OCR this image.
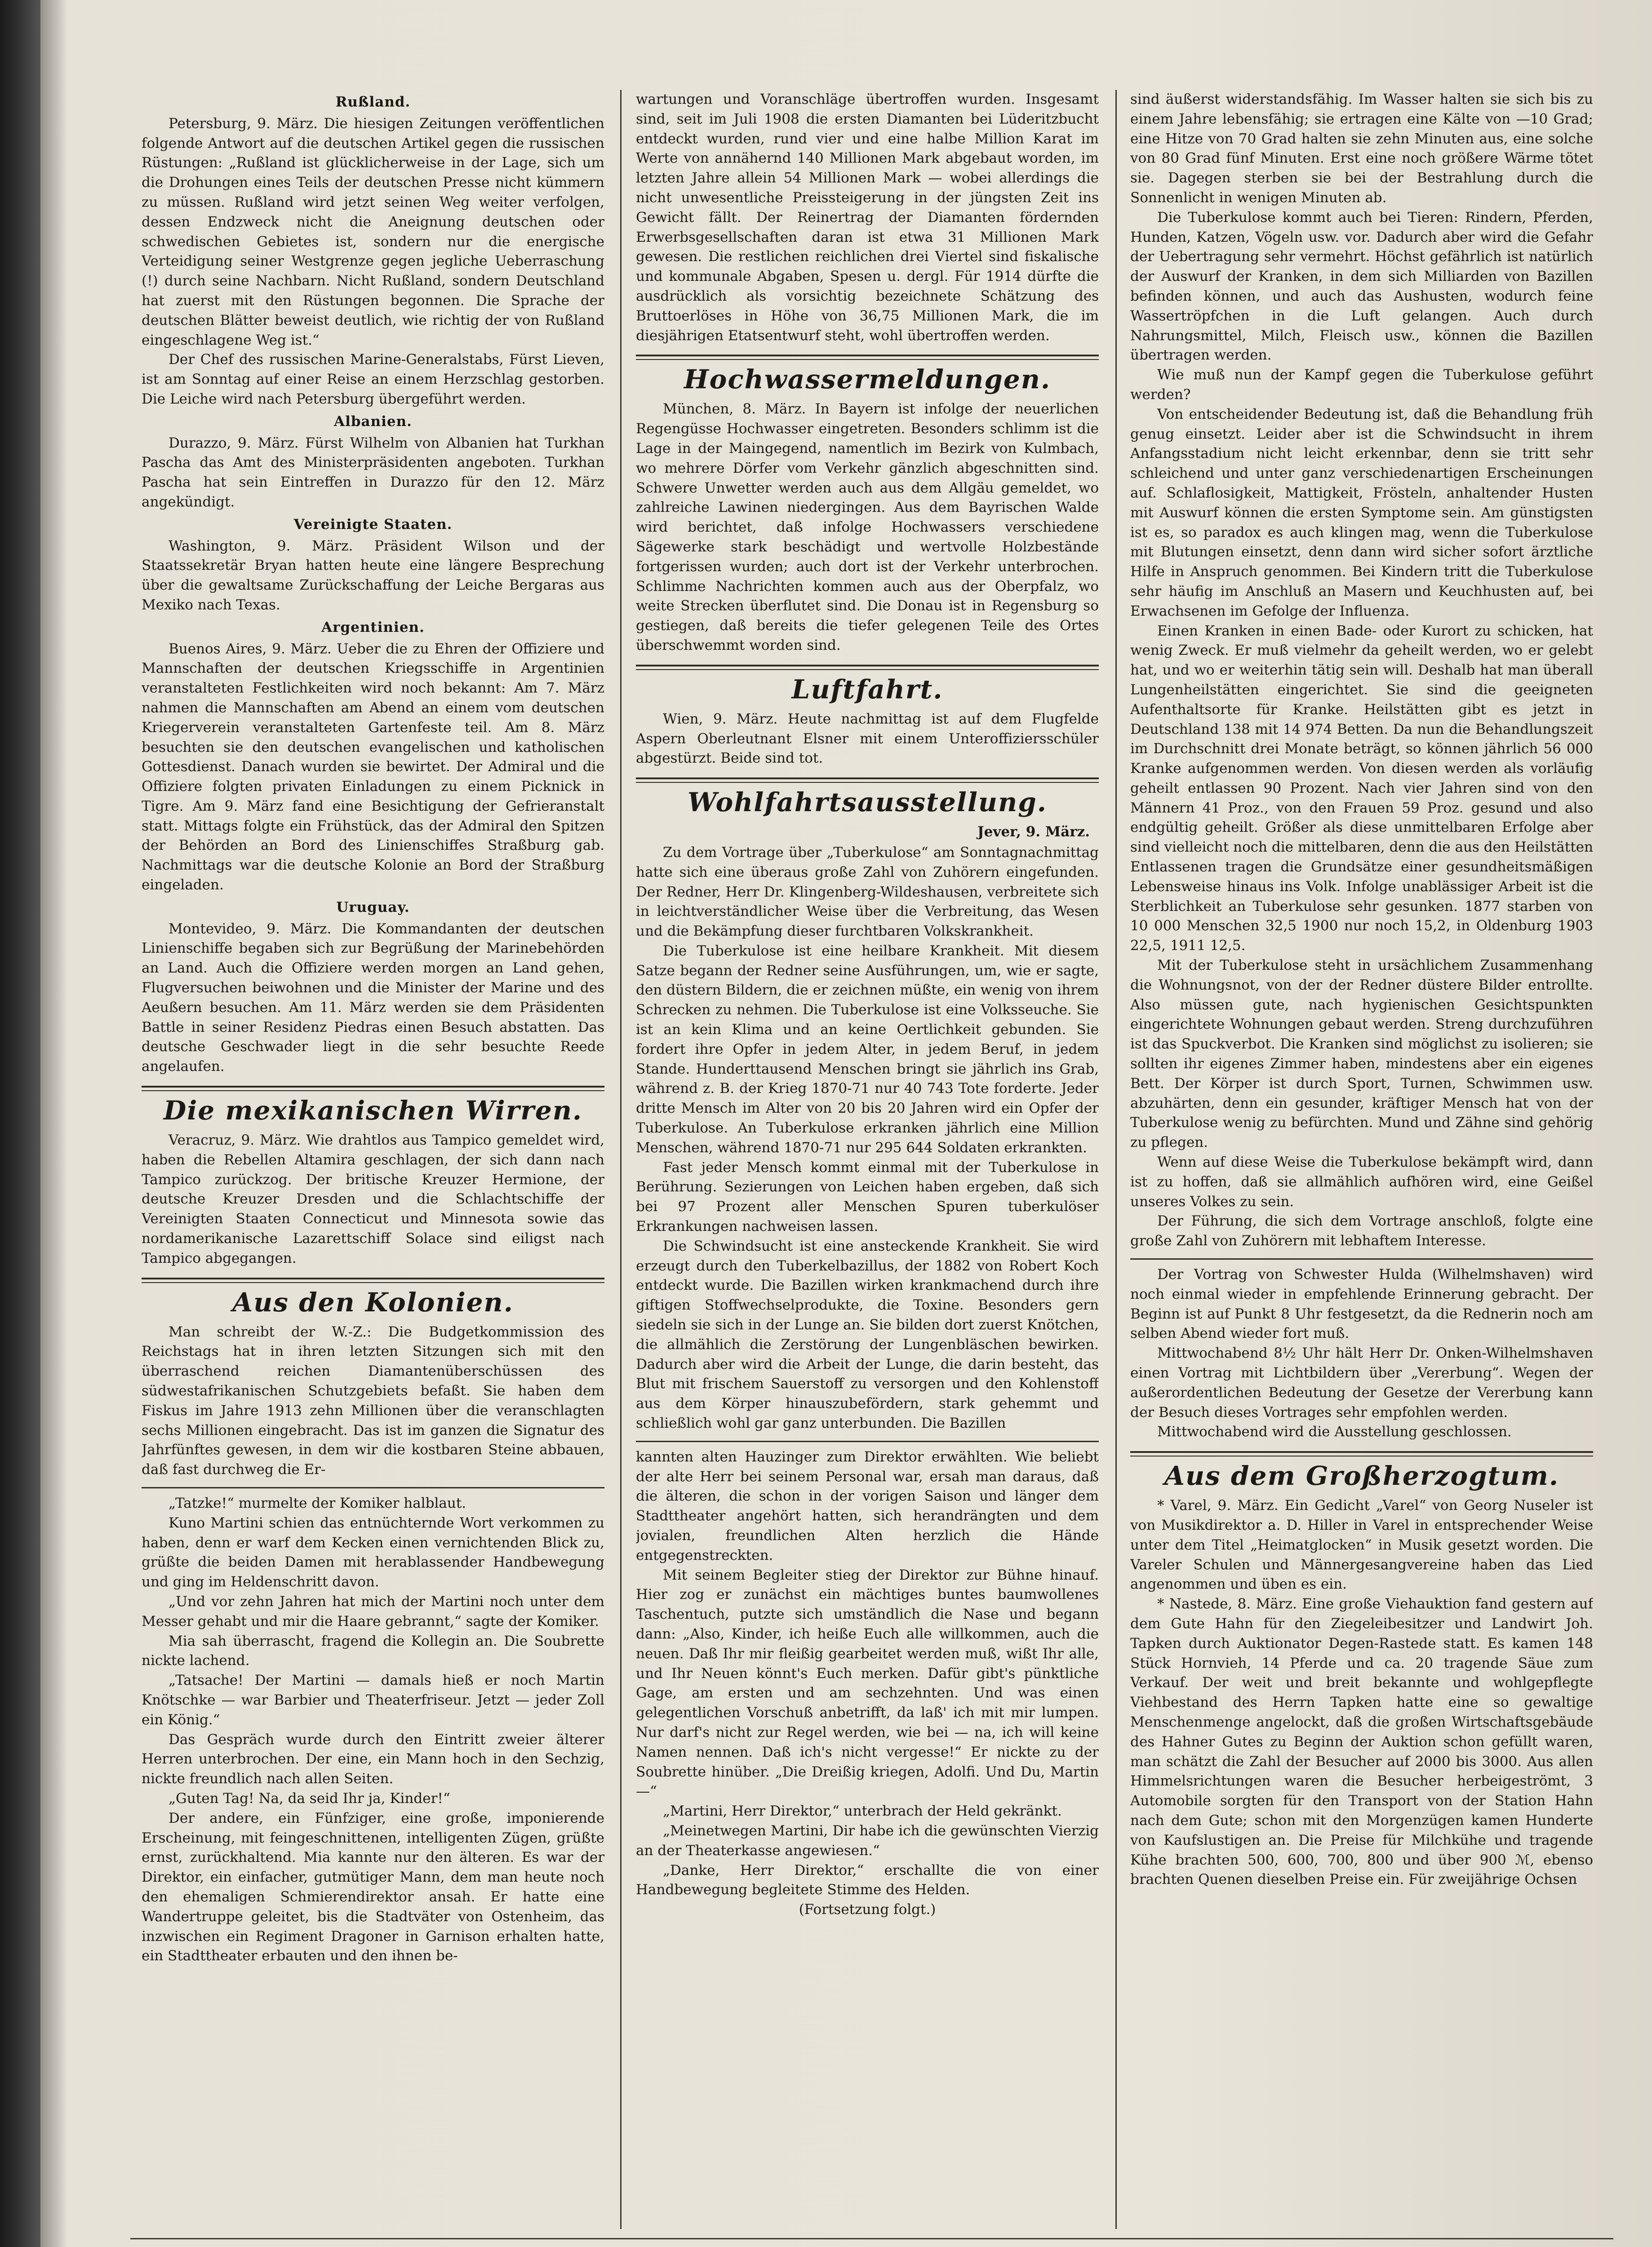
Rußland.

Petersburg, 9. März. Die hiesigen Zeitungen veröffentlichen folgende Antwort auf die deutschen Artikel gegen die russischen Rüstungen: „Rußland ist glücklicherweise in der Lage, sich um die Drohungen eines Teils der deutschen Presse nicht kümmern zu müssen. Rußland wird jetzt seinen Weg weiter verfolgen, dessen Endzweck nicht die Aneignung deutschen oder schwedischen Gebietes ist, sondern nur die energische Verteidigung seiner Westgrenze gegen jegliche Ueberraschung (!) durch seine Nachbarn. Nicht Rußland, sondern Deutschland hat zuerst mit den Rüstungen begonnen. Die Sprache der deutschen Blätter beweist deutlich, wie richtig der von Rußland eingeschlagene Weg ist.“

Der Chef des russischen Marine-Generalstabs, Fürst Lieven, ist am Sonntag auf einer Reise an einem Herzschlag gestorben. Die Leiche wird nach Petersburg übergeführt werden.

Albanien.

Durazzo, 9. März. Fürst Wilhelm von Albanien hat Turkhan Pascha das Amt des Ministerpräsidenten angeboten. Turkhan Pascha hat sein Eintreffen in Durazzo für den 12. März angekündigt.

Vereinigte Staaten.

Washington, 9. März. Präsident Wilson und der Staatssekretär Bryan hatten heute eine längere Besprechung über die gewaltsame Zurückschaffung der Leiche Bergaras aus Mexiko nach Texas.

Argentinien.

Buenos Aires, 9. März. Ueber die zu Ehren der Offiziere und Mannschaften der deutschen Kriegsschiffe in Argentinien veranstalteten Festlichkeiten wird noch bekannt: Am 7. März nahmen die Mannschaften am Abend an einem vom deutschen Kriegerverein veranstalteten Gartenfeste teil. Am 8. März besuchten sie den deutschen evangelischen und katholischen Gottesdienst. Danach wurden sie bewirtet. Der Admiral und die Offiziere folgten privaten Einladungen zu einem Picknick in Tigre. Am 9. März fand eine Besichtigung der Gefrieranstalt statt. Mittags folgte ein Frühstück, das der Admiral den Spitzen der Behörden an Bord des Linienschiffes Straßburg gab. Nachmittags war die deutsche Kolonie an Bord der Straßburg eingeladen.

Uruguay.

Montevideo, 9. März. Die Kommandanten der deutschen Linienschiffe begaben sich zur Begrüßung der Marinebehörden an Land. Auch die Offiziere werden morgen an Land gehen, Flugversuchen beiwohnen und die Minister der Marine und des Aeußern besuchen. Am 11. März werden sie dem Präsidenten Battle in seiner Residenz Piedras einen Besuch abstatten. Das deutsche Geschwader liegt in die sehr besuchte Reede angelaufen.

Die mexikanischen Wirren.

Veracruz, 9. März. Wie drahtlos aus Tampico gemeldet wird, haben die Rebellen Altamira geschlagen, der sich dann nach Tampico zurückzog. Der britische Kreuzer Hermione, der deutsche Kreuzer Dresden und die Schlachtschiffe der Vereinigten Staaten Connecticut und Minnesota sowie das nordamerikanische Lazarettschiff Solace sind eiligst nach Tampico abgegangen.

Aus den Kolonien.

Man schreibt der W.-Z.: Die Budgetkommission des Reichstags hat in ihren letzten Sitzungen sich mit den überraschend reichen Diamantenüberschüssen des südwestafrikanischen Schutzgebiets befaßt. Sie haben dem Fiskus im Jahre 1913 zehn Millionen über die veranschlagten sechs Millionen eingebracht. Das ist im ganzen die Signatur des Jahrfünftes gewesen, in dem wir die kostbaren Steine abbauen, daß fast durchweg die Er-

„Tatzke!“ murmelte der Komiker halblaut.

Kuno Martini schien das entnüchternde Wort verkommen zu haben, denn er warf dem Kecken einen vernichtenden Blick zu, grüßte die beiden Damen mit herablassender Handbewegung und ging im Heldenschritt davon.

„Und vor zehn Jahren hat mich der Martini noch unter dem Messer gehabt und mir die Haare gebrannt,“ sagte der Komiker.

Mia sah überrascht, fragend die Kollegin an. Die Soubrette nickte lachend.

„Tatsache! Der Martini — damals hieß er noch Martin Knötschke — war Barbier und Theaterfriseur. Jetzt — jeder Zoll ein König.“

Das Gespräch wurde durch den Eintritt zweier älterer Herren unterbrochen. Der eine, ein Mann hoch in den Sechzig, nickte freundlich nach allen Seiten.

„Guten Tag! Na, da seid Ihr ja, Kinder!“

Der andere, ein Fünfziger, eine große, imponierende Erscheinung, mit feingeschnittenen, intelligenten Zügen, grüßte ernst, zurückhaltend. Mia kannte nur den älteren. Es war der Direktor, ein einfacher, gutmütiger Mann, dem man heute noch den ehemaligen Schmierendirektor ansah. Er hatte eine Wandertruppe geleitet, bis die Stadtväter von Ostenheim, das inzwischen ein Regiment Dragoner in Garnison erhalten hatte, ein Stadttheater erbauten und den ihnen be-

wartungen und Voranschläge übertroffen wurden. Insgesamt sind, seit im Juli 1908 die ersten Diamanten bei Lüderitzbucht entdeckt wurden, rund vier und eine halbe Million Karat im Werte von annähernd 140 Millionen Mark abgebaut worden, im letzten Jahre allein 54 Millionen Mark — wobei allerdings die nicht unwesentliche Preissteigerung in der jüngsten Zeit ins Gewicht fällt. Der Reinertrag der Diamanten fördernden Erwerbsgesellschaften daran ist etwa 31 Millionen Mark gewesen. Die restlichen reichlichen drei Viertel sind fiskalische und kommunale Abgaben, Spesen u. dergl. Für 1914 dürfte die ausdrücklich als vorsichtig bezeichnete Schätzung des Bruttoerlöses in Höhe von 36,75 Millionen Mark, die im diesjährigen Etatsentwurf steht, wohl übertroffen werden.

Hochwassermeldungen.

München, 8. März. In Bayern ist infolge der neuerlichen Regengüsse Hochwasser eingetreten. Besonders schlimm ist die Lage in der Maingegend, namentlich im Bezirk von Kulmbach, wo mehrere Dörfer vom Verkehr gänzlich abgeschnitten sind. Schwere Unwetter werden auch aus dem Allgäu gemeldet, wo zahlreiche Lawinen niedergingen. Aus dem Bayrischen Walde wird berichtet, daß infolge Hochwassers verschiedene Sägewerke stark beschädigt und wertvolle Holzbestände fortgerissen wurden; auch dort ist der Verkehr unterbrochen. Schlimme Nachrichten kommen auch aus der Oberpfalz, wo weite Strecken überflutet sind. Die Donau ist in Regensburg so gestiegen, daß bereits die tiefer gelegenen Teile des Ortes überschwemmt worden sind.

Luftfahrt.

Wien, 9. März. Heute nachmittag ist auf dem Flugfelde Aspern Oberleutnant Elsner mit einem Unteroffiziersschüler abgestürzt. Beide sind tot.

Wohlfahrtsausstellung.
Jever, 9. März.

Zu dem Vortrage über „Tuberkulose“ am Sonntagnachmittag hatte sich eine überaus große Zahl von Zuhörern eingefunden. Der Redner, Herr Dr. Klingenberg-Wildeshausen, verbreitete sich in leichtverständlicher Weise über die Verbreitung, das Wesen und die Bekämpfung dieser furchtbaren Volkskrankheit.

Die Tuberkulose ist eine heilbare Krankheit. Mit diesem Satze begann der Redner seine Ausführungen, um, wie er sagte, den düstern Bildern, die er zeichnen müßte, ein wenig von ihrem Schrecken zu nehmen. Die Tuberkulose ist eine Volksseuche. Sie ist an kein Klima und an keine Oertlichkeit gebunden. Sie fordert ihre Opfer in jedem Alter, in jedem Beruf, in jedem Stande. Hunderttausend Menschen bringt sie jährlich ins Grab, während z. B. der Krieg 1870-71 nur 40 743 Tote forderte. Jeder dritte Mensch im Alter von 20 bis 20 Jahren wird ein Opfer der Tuberkulose. An Tuberkulose erkranken jährlich eine Million Menschen, während 1870-71 nur 295 644 Soldaten erkrankten.

Fast jeder Mensch kommt einmal mit der Tuberkulose in Berührung. Sezierungen von Leichen haben ergeben, daß sich bei 97 Prozent aller Menschen Spuren tuberkulöser Erkrankungen nachweisen lassen.

Die Schwindsucht ist eine ansteckende Krankheit. Sie wird erzeugt durch den Tuberkelbazillus, der 1882 von Robert Koch entdeckt wurde. Die Bazillen wirken krankmachend durch ihre giftigen Stoffwechselprodukte, die Toxine. Besonders gern siedeln sie sich in der Lunge an. Sie bilden dort zuerst Knötchen, die allmählich die Zerstörung der Lungenbläschen bewirken. Dadurch aber wird die Arbeit der Lunge, die darin besteht, das Blut mit frischem Sauerstoff zu versorgen und den Kohlenstoff aus dem Körper hinauszubefördern, stark gehemmt und schließlich wohl gar ganz unterbunden. Die Bazillen

kannten alten Hauzinger zum Direktor erwählten. Wie beliebt der alte Herr bei seinem Personal war, ersah man daraus, daß die älteren, die schon in der vorigen Saison und länger dem Stadttheater angehört hatten, sich herandrängten und dem jovialen, freundlichen Alten herzlich die Hände entgegenstreckten.

Mit seinem Begleiter stieg der Direktor zur Bühne hinauf. Hier zog er zunächst ein mächtiges buntes baumwollenes Taschentuch, putzte sich umständlich die Nase und begann dann: „Also, Kinder, ich heiße Euch alle willkommen, auch die neuen. Daß Ihr mir fleißig gearbeitet werden muß, wißt Ihr alle, und Ihr Neuen könnt's Euch merken. Dafür gibt's pünktliche Gage, am ersten und am sechzehnten. Und was einen gelegentlichen Vorschuß anbetrifft, da laß' ich mit mir lumpen. Nur darf's nicht zur Regel werden, wie bei — na, ich will keine Namen nennen. Daß ich's nicht vergesse!“ Er nickte zu der Soubrette hinüber. „Die Dreißig kriegen, Adolfi. Und Du, Martin —“

„Martini, Herr Direktor,“ unterbrach der Held gekränkt.

„Meinetwegen Martini, Dir habe ich die gewünschten Vierzig an der Theaterkasse angewiesen.“

„Danke, Herr Direktor,“ erschallte die von einer Handbewegung begleitete Stimme des Helden.

(Fortsetzung folgt.)

sind äußerst widerstandsfähig. Im Wasser halten sie sich bis zu einem Jahre lebensfähig; sie ertragen eine Kälte von —10 Grad; eine Hitze von 70 Grad halten sie zehn Minuten aus, eine solche von 80 Grad fünf Minuten. Erst eine noch größere Wärme tötet sie. Dagegen sterben sie bei der Bestrahlung durch die Sonnenlicht in wenigen Minuten ab.

Die Tuberkulose kommt auch bei Tieren: Rindern, Pferden, Hunden, Katzen, Vögeln usw. vor. Dadurch aber wird die Gefahr der Uebertragung sehr vermehrt. Höchst gefährlich ist natürlich der Auswurf der Kranken, in dem sich Milliarden von Bazillen befinden können, und auch das Aushusten, wodurch feine Wassertröpfchen in die Luft gelangen. Auch durch Nahrungsmittel, Milch, Fleisch usw., können die Bazillen übertragen werden.

Wie muß nun der Kampf gegen die Tuberkulose geführt werden?

Von entscheidender Bedeutung ist, daß die Behandlung früh genug einsetzt. Leider aber ist die Schwindsucht in ihrem Anfangsstadium nicht leicht erkennbar, denn sie tritt sehr schleichend und unter ganz verschiedenartigen Erscheinungen auf. Schlaflosigkeit, Mattigkeit, Frösteln, anhaltender Husten mit Auswurf können die ersten Symptome sein. Am günstigsten ist es, so paradox es auch klingen mag, wenn die Tuberkulose mit Blutungen einsetzt, denn dann wird sicher sofort ärztliche Hilfe in Anspruch genommen. Bei Kindern tritt die Tuberkulose sehr häufig im Anschluß an Masern und Keuchhusten auf, bei Erwachsenen im Gefolge der Influenza.

Einen Kranken in einen Bade- oder Kurort zu schicken, hat wenig Zweck. Er muß vielmehr da geheilt werden, wo er gelebt hat, und wo er weiterhin tätig sein will. Deshalb hat man überall Lungenheilstätten eingerichtet. Sie sind die geeigneten Aufenthaltsorte für Kranke. Heilstätten gibt es jetzt in Deutschland 138 mit 14 974 Betten. Da nun die Behandlungszeit im Durchschnitt drei Monate beträgt, so können jährlich 56 000 Kranke aufgenommen werden. Von diesen werden als vorläufig geheilt entlassen 90 Prozent. Nach vier Jahren sind von den Männern 41 Proz., von den Frauen 59 Proz. gesund und also endgültig geheilt. Größer als diese unmittelbaren Erfolge aber sind vielleicht noch die mittelbaren, denn die aus den Heilstätten Entlassenen tragen die Grundsätze einer gesundheitsmäßigen Lebensweise hinaus ins Volk. Infolge unablässiger Arbeit ist die Sterblichkeit an Tuberkulose sehr gesunken. 1877 starben von 10 000 Menschen 32,5 1900 nur noch 15,2, in Oldenburg 1903 22,5, 1911 12,5.

Mit der Tuberkulose steht in ursächlichem Zusammenhang die Wohnungsnot, von der der Redner düstere Bilder entrollte. Also müssen gute, nach hygienischen Gesichtspunkten eingerichtete Wohnungen gebaut werden. Streng durchzuführen ist das Spuckverbot. Die Kranken sind möglichst zu isolieren; sie sollten ihr eigenes Zimmer haben, mindestens aber ein eigenes Bett. Der Körper ist durch Sport, Turnen, Schwimmen usw. abzuhärten, denn ein gesunder, kräftiger Mensch hat von der Tuberkulose wenig zu befürchten. Mund und Zähne sind gehörig zu pflegen.

Wenn auf diese Weise die Tuberkulose bekämpft wird, dann ist zu hoffen, daß sie allmählich aufhören wird, eine Geißel unseres Volkes zu sein.

Der Führung, die sich dem Vortrage anschloß, folgte eine große Zahl von Zuhörern mit lebhaftem Interesse.

Der Vortrag von Schwester Hulda (Wilhelmshaven) wird noch einmal wieder in empfehlende Erinnerung gebracht. Der Beginn ist auf Punkt 8 Uhr festgesetzt, da die Rednerin noch am selben Abend wieder fort muß.

Mittwochabend 8½ Uhr hält Herr Dr. Onken-Wilhelmshaven einen Vortrag mit Lichtbildern über „Vererbung“. Wegen der außerordentlichen Bedeutung der Gesetze der Vererbung kann der Besuch dieses Vortrages sehr empfohlen werden.

Mittwochabend wird die Ausstellung geschlossen.

Aus dem Großherzogtum.

* Varel, 9. März. Ein Gedicht „Varel“ von Georg Nuseler ist von Musikdirektor a. D. Hiller in Varel in entsprechender Weise unter dem Titel „Heimatglocken“ in Musik gesetzt worden. Die Vareler Schulen und Männergesangvereine haben das Lied angenommen und üben es ein.

* Nastede, 8. März. Eine große Viehauktion fand gestern auf dem Gute Hahn für den Ziegeleibesitzer und Landwirt Joh. Tapken durch Auktionator Degen-Rastede statt. Es kamen 148 Stück Hornvieh, 14 Pferde und ca. 20 tragende Säue zum Verkauf. Der weit und breit bekannte und wohlgepflegte Viehbestand des Herrn Tapken hatte eine so gewaltige Menschenmenge angelockt, daß die großen Wirtschaftsgebäude des Hahner Gutes zu Beginn der Auktion schon gefüllt waren, man schätzt die Zahl der Besucher auf 2000 bis 3000. Aus allen Himmelsrichtungen waren die Besucher herbeigeströmt, 3 Automobile sorgten für den Transport von der Station Hahn nach dem Gute; schon mit den Morgenzügen kamen Hunderte von Kaufslustigen an. Die Preise für Milchkühe und tragende Kühe brachten 500, 600, 700, 800 und über 900 ℳ, ebenso brachten Quenen dieselben Preise ein. Für zweijährige Ochsen
